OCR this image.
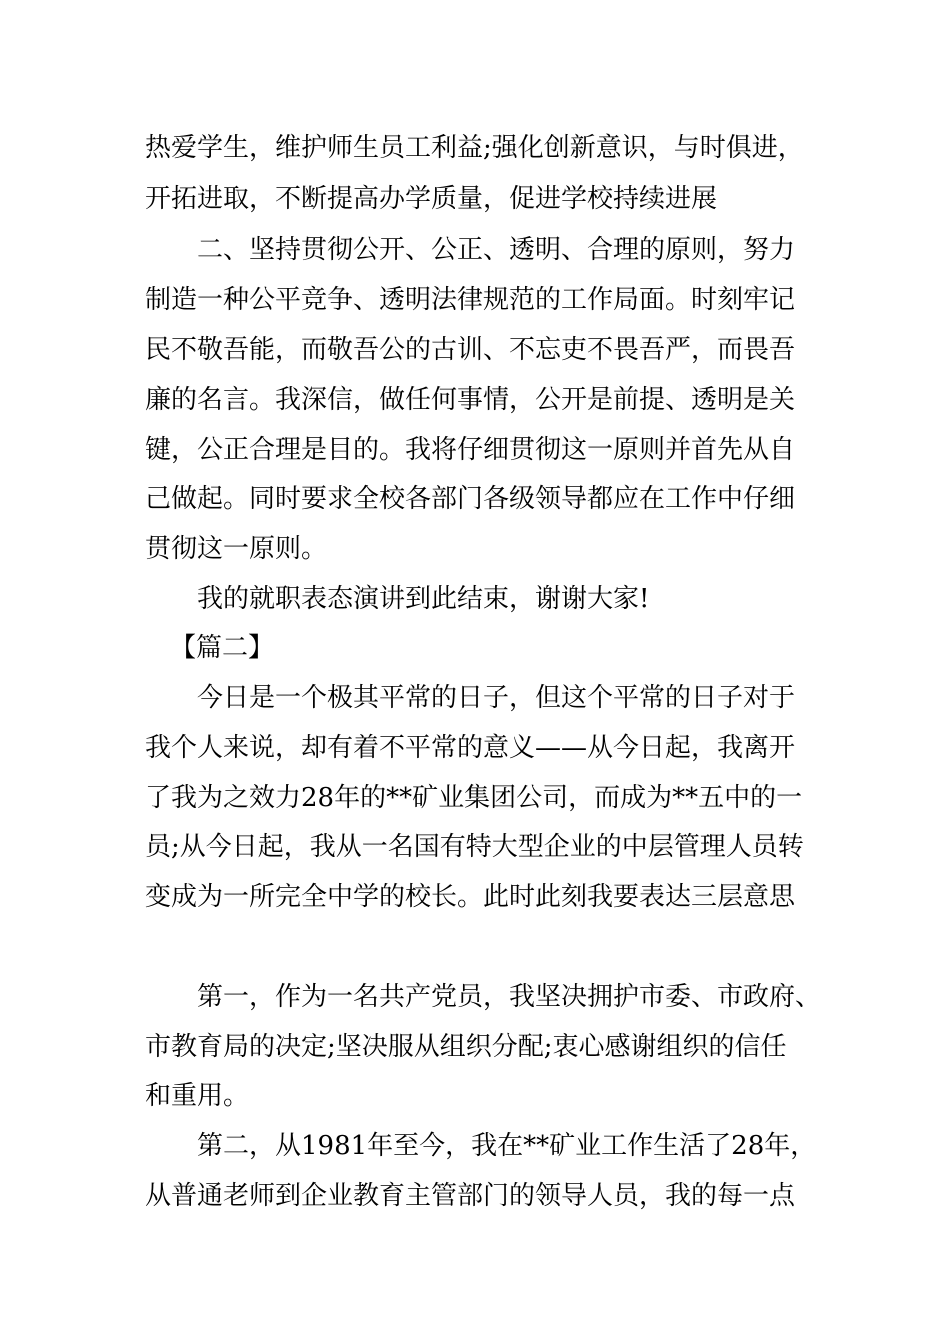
热爱学生，维护师生员工利益;强化创新意识，与时俱进，
开拓进取，不断提高办学质量，促进学校持续进展
二、坚持贯彻公开、公正、透明、合理的原则，努力
制造一种公平竞争、透明法律规范的工作局面。时刻牢记
民不敬吾能，而敬吾公的古训、不忘吏不畏吾严，而畏吾
廉的名言。我深信，做任何事情，公开是前提、透明是关
键，公正合理是目的。我将仔细贯彻这一原则并首先从自
己做起。同时要求全校各部门各级领导都应在工作中仔细
贯彻这一原则。
我的就职表态演讲到此结束，谢谢大家!
【篇二】
今日是一个极其平常的日子，但这个平常的日子对于
我个人来说，却有着不平常的意义——从今日起，我离开
了我为之效力28年的**矿业集团公司，而成为**五中的一
员;从今日起，我从一名国有特大型企业的中层管理人员转
变成为一所完全中学的校长。此时此刻我要表达三层意思
第一，作为一名共产党员，我坚决拥护市委、市政府、
市教育局的决定;坚决服从组织分配;衷心感谢组织的信任
和重用。
第二，从1981年至今，我在**矿业工作生活了28年，
从普通老师到企业教育主管部门的领导人员，我的每一点
